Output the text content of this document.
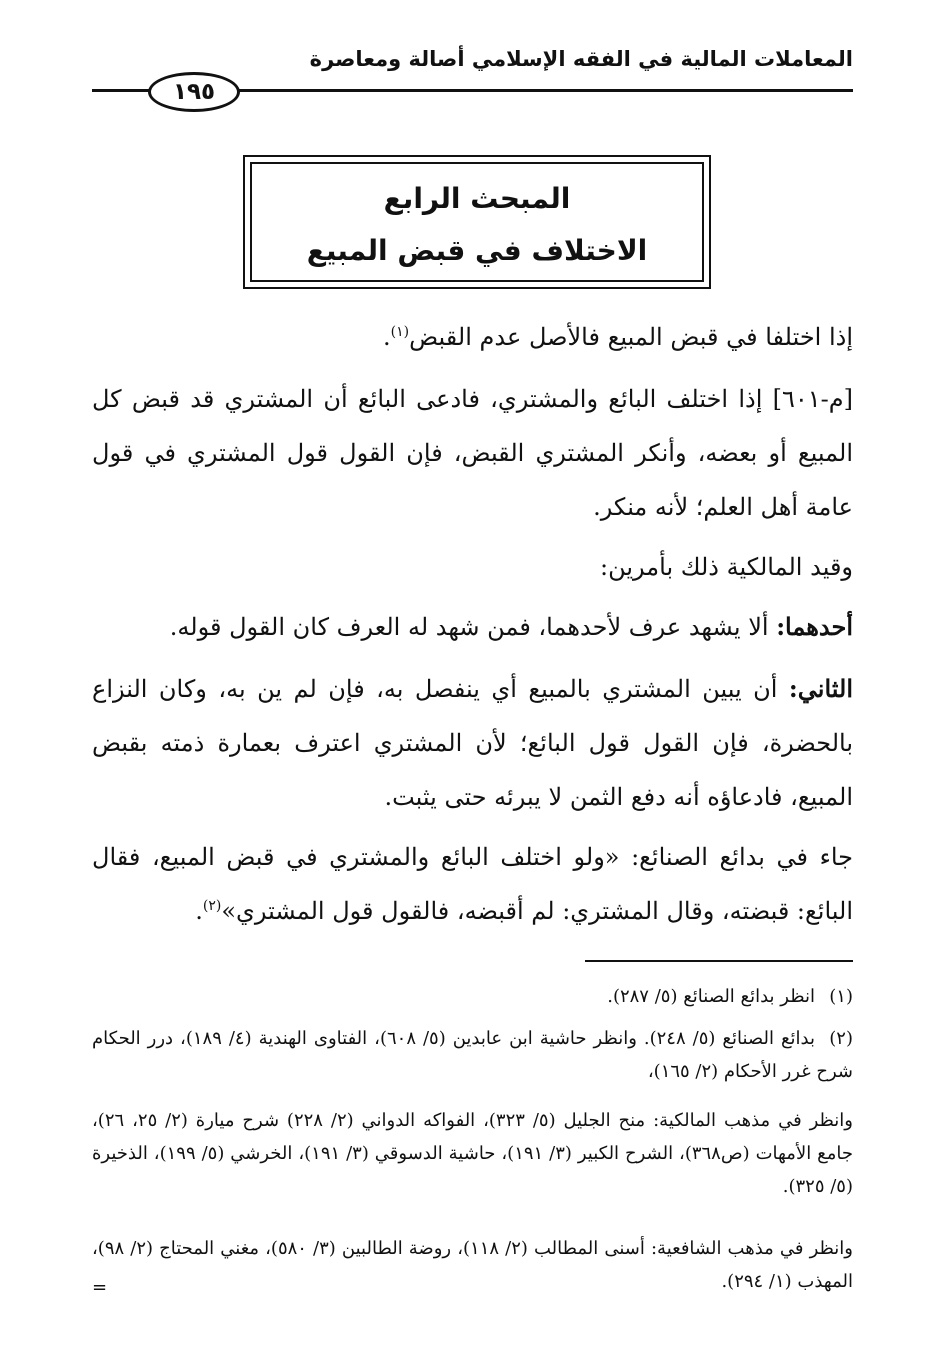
المعاملات المالية في الفقه الإسلامي أصالة ومعاصرة
١٩٥
المبحث الرابع
الاختلاف في قبض المبيع
إذا اختلفا في قبض المبيع فالأصل عدم القبض$^{(١)}$.
[م-٦٠١] إذا اختلف البائع والمشتري، فادعى البائع أن المشتري قد قبض كل المبيع أو بعضه، وأنكر المشتري القبض، فإن القول قول المشتري في قول عامة أهل العلم؛ لأنه منكر.
وقيد المالكية ذلك بأمرين:
أحدهما: ألا يشهد عرف لأحدهما، فمن شهد له العرف كان القول قوله.
الثاني: أن يبين المشتري بالمبيع أي ينفصل به، فإن لم ين به، وكان النزاع بالحضرة، فإن القول قول البائع؛ لأن المشتري اعترف بعمارة ذمته بقبض المبيع، فادعاؤه أنه دفع الثمن لا يبرئه حتى يثبت.
جاء في بدائع الصنائع: «ولو اختلف البائع والمشتري في قبض المبيع، فقال البائع: قبضته، وقال المشتري: لم أقبضه، فالقول قول المشتري»$^{(٢)}$.
(١)انظر بدائع الصنائع (٥/ ٢٨٧).
(٢)بدائع الصنائع (٥/ ٢٤٨). وانظر حاشية ابن عابدين (٥/ ٦٠٨)، الفتاوى الهندية (٤/ ١٨٩)، درر الحكام شرح غرر الأحكام (٢/ ١٦٥)،
وانظر في مذهب المالكية: منح الجليل (٥/ ٣٢٣)، الفواكه الدواني (٢/ ٢٢٨) شرح ميارة (٢/ ٢٥، ٢٦)، جامع الأمهات (ص٣٦٨)، الشرح الكبير (٣/ ١٩١)، حاشية الدسوقي (٣/ ١٩١)، الخرشي (٥/ ١٩٩)، الذخيرة (٥/ ٣٢٥).
وانظر في مذهب الشافعية: أسنى المطالب (٢/ ١١٨)، روضة الطالبين (٣/ ٥٨٠)، مغني المحتاج (٢/ ٩٨)، المهذب (١/ ٢٩٤).
=
